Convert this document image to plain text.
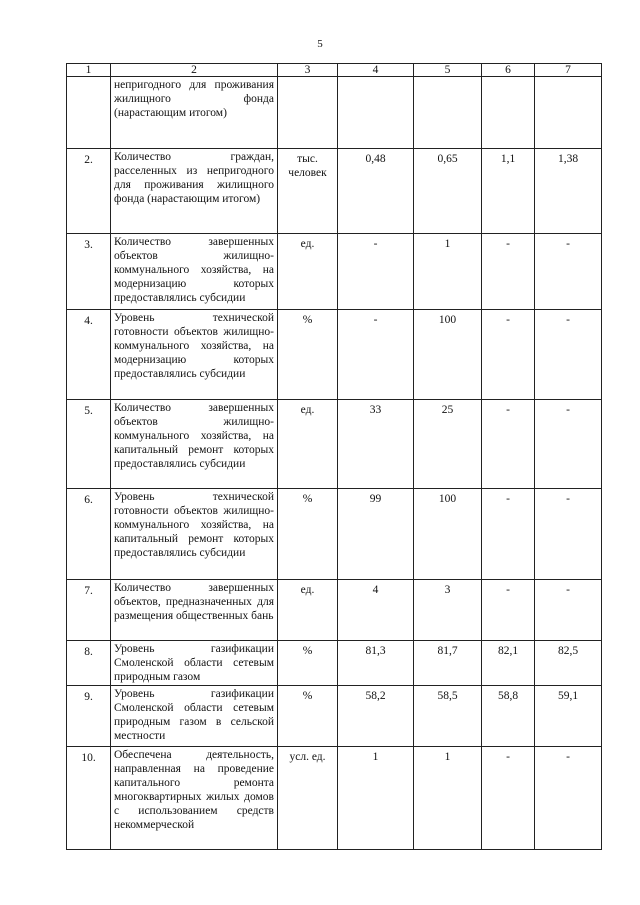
5
1	2	3	4	5	6	7
	непригодного для проживания жилищного фонда (нарастающим итогом)					
2.	Количество граждан, расселенных из непригодного для проживания жилищного фонда (нарастающим итогом)	тыс. человек	0,48	0,65	1,1	1,38
3.	Количество завершенных объектов жилищно-коммунального хозяйства, на модернизацию которых предоставлялись субсидии	ед.	-	1	-	-
4.	Уровень технической готовности объектов жилищно-коммунального хозяйства, на модернизацию которых предоставлялись субсидии	%	-	100	-	-
5.	Количество завершенных объектов жилищно-коммунального хозяйства, на капитальный ремонт которых предоставлялись субсидии	ед.	33	25	-	-
6.	Уровень технической готовности объектов жилищно-коммунального хозяйства, на капитальный ремонт которых предоставлялись субсидии	%	99	100	-	-
7.	Количество завершенных объектов, предназначенных для размещения общественных бань	ед.	4	3	-	-
8.	Уровень газификации Смоленской области сетевым природным газом	%	81,3	81,7	82,1	82,5
9.	Уровень газификации Смоленской области сетевым природным газом в сельской местности	%	58,2	58,5	58,8	59,1
10.	Обеспечена деятельность, направленная на проведение капитального ремонта многоквартирных жилых домов с использованием средств некоммерческой	усл. ед.	1	1	-	-
